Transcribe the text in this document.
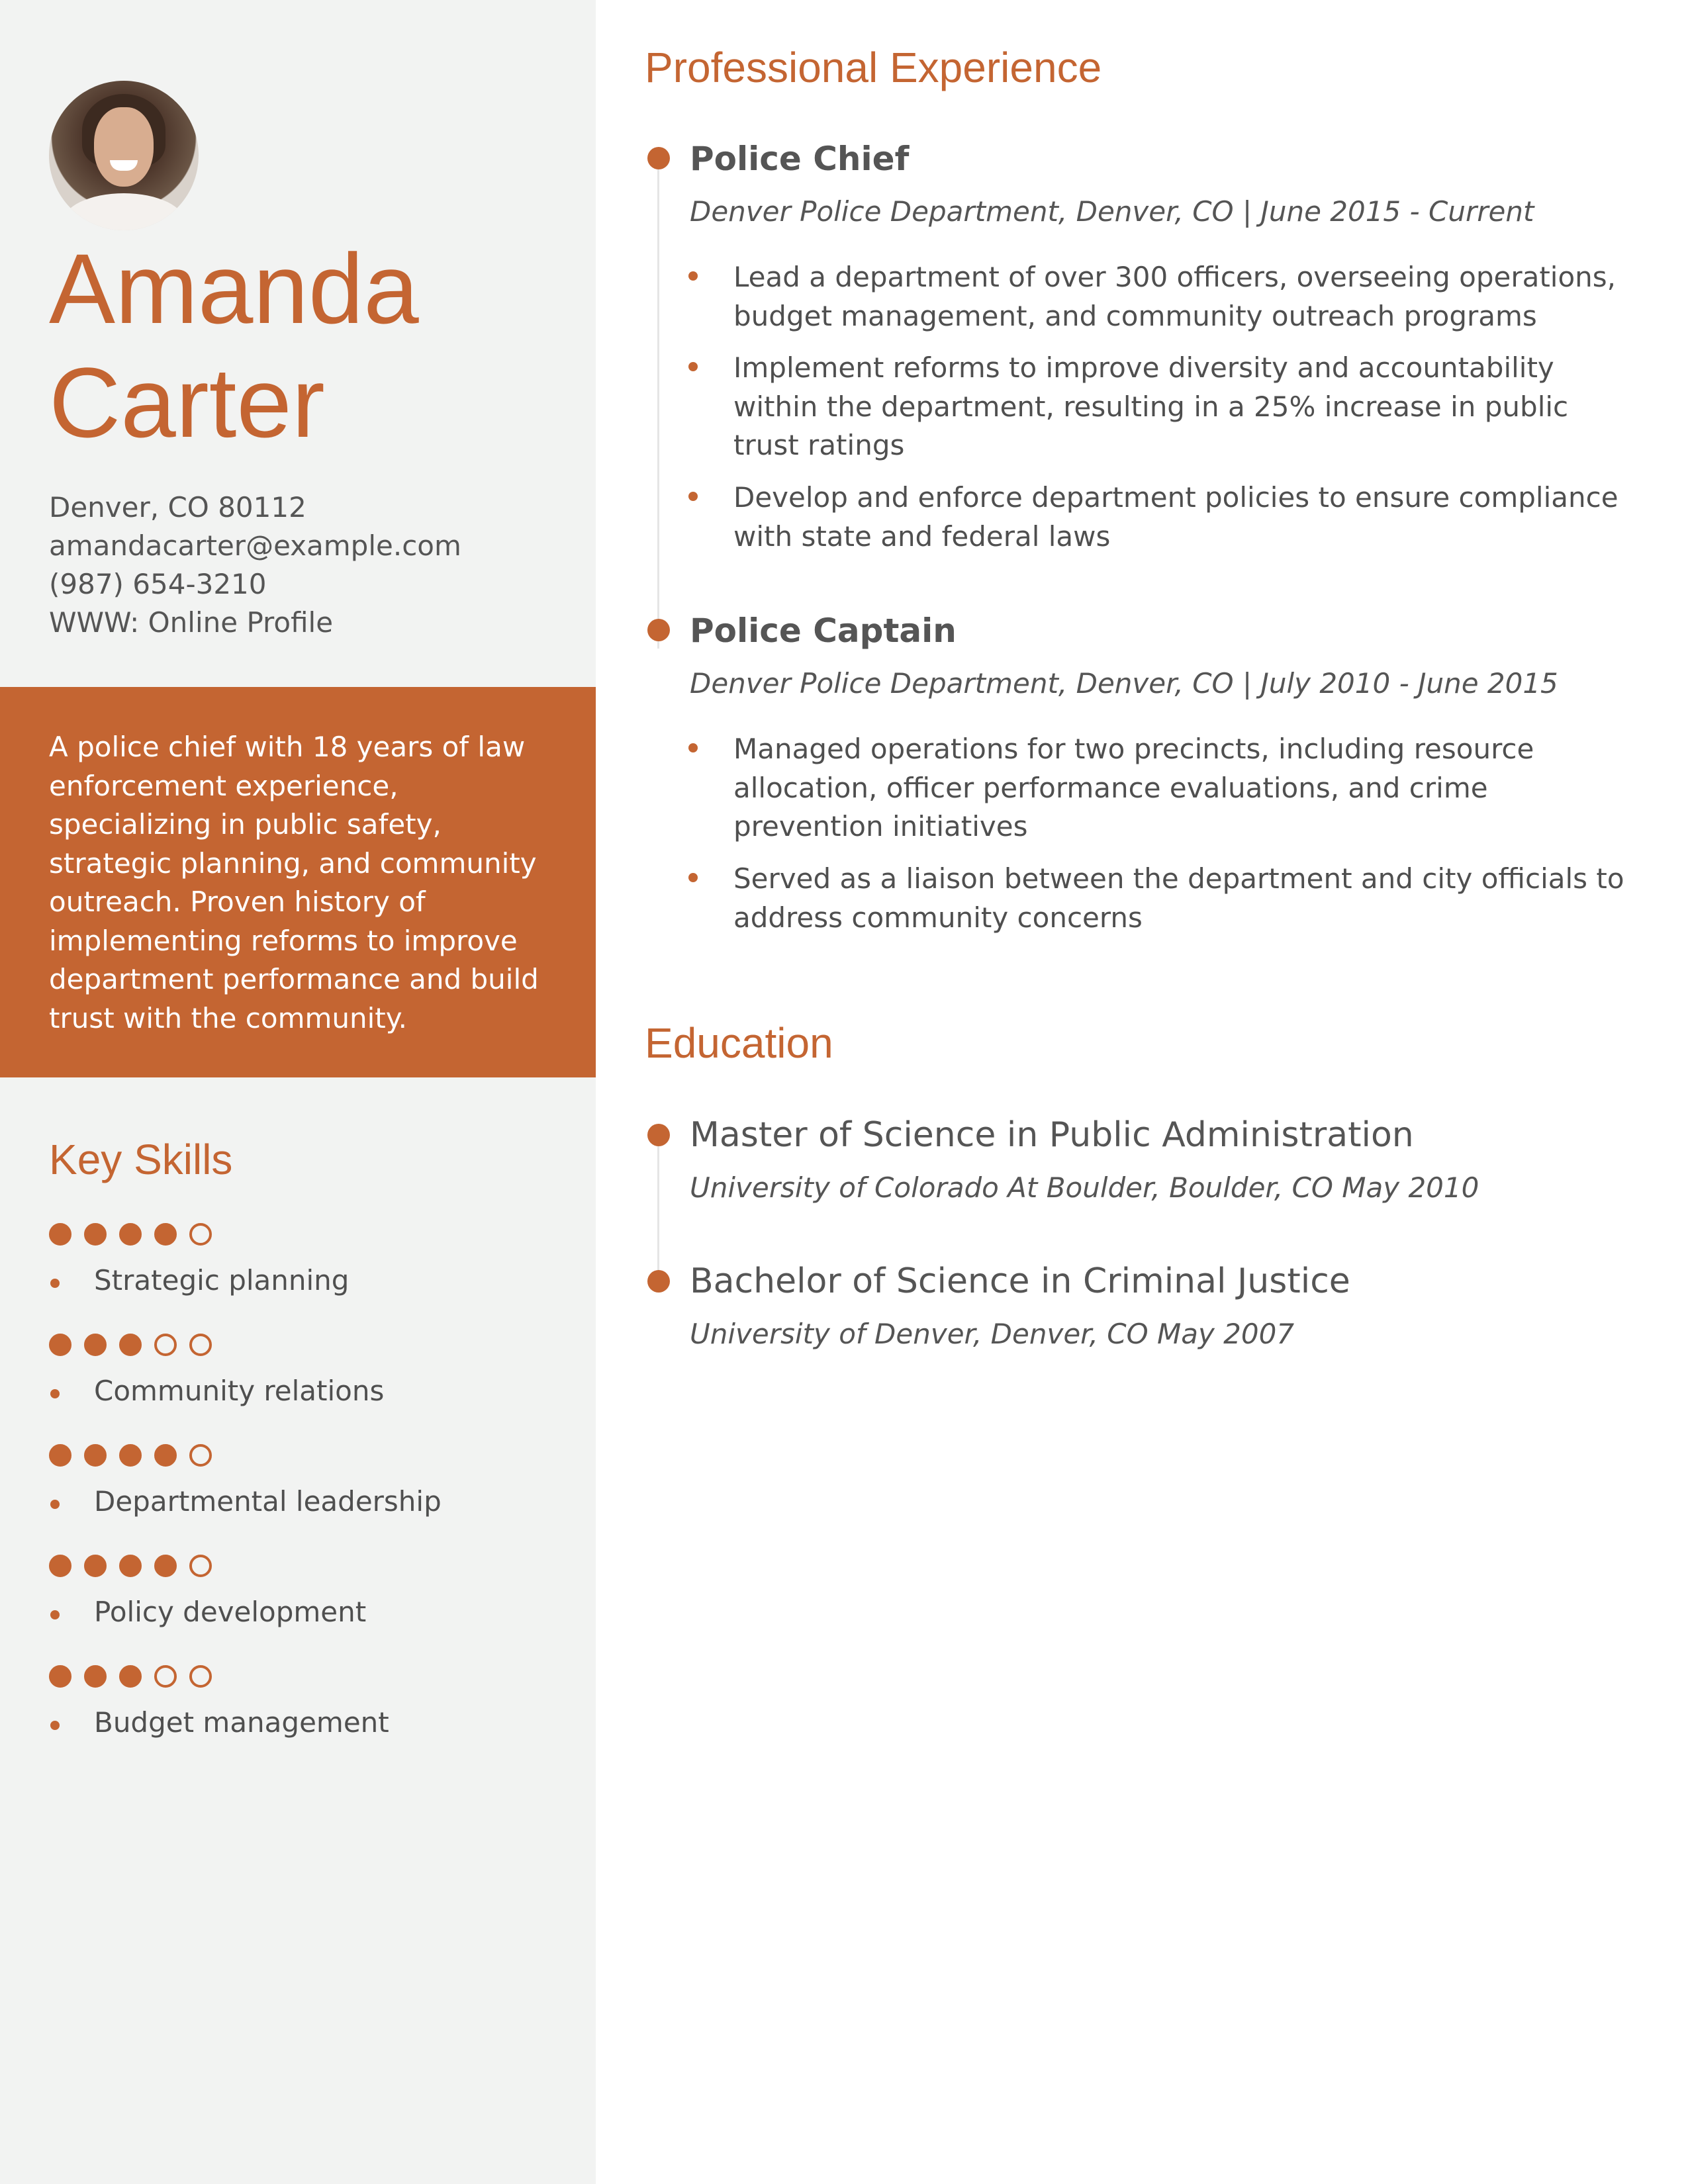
Amanda
Carter
Denver, CO 80112
amandacarter@example.com
(987) 654-3210
WWW: Online Profile
A police chief with 18 years of law
enforcement experience,
specializing in public safety,
strategic planning, and community
outreach. Proven history of
implementing reforms to improve
department performance and build
trust with the community.
Key Skills
Strategic planning
Community relations
Departmental leadership
Policy development
Budget management
Professional Experience
Police Chief
Denver Police Department, Denver, CO | June 2015 - Current
Lead a department of over 300 officers, overseeing operations,
budget management, and community outreach programs
Implement reforms to improve diversity and accountability
within the department, resulting in a 25% increase in public
trust ratings
Develop and enforce department policies to ensure compliance
with state and federal laws
Police Captain
Denver Police Department, Denver, CO | July 2010 - June 2015
Managed operations for two precincts, including resource
allocation, officer performance evaluations, and crime
prevention initiatives
Served as a liaison between the department and city officials to
address community concerns
Education
Master of Science in Public Administration
University of Colorado At Boulder, Boulder, CO May 2010
Bachelor of Science in Criminal Justice
University of Denver, Denver, CO May 2007
